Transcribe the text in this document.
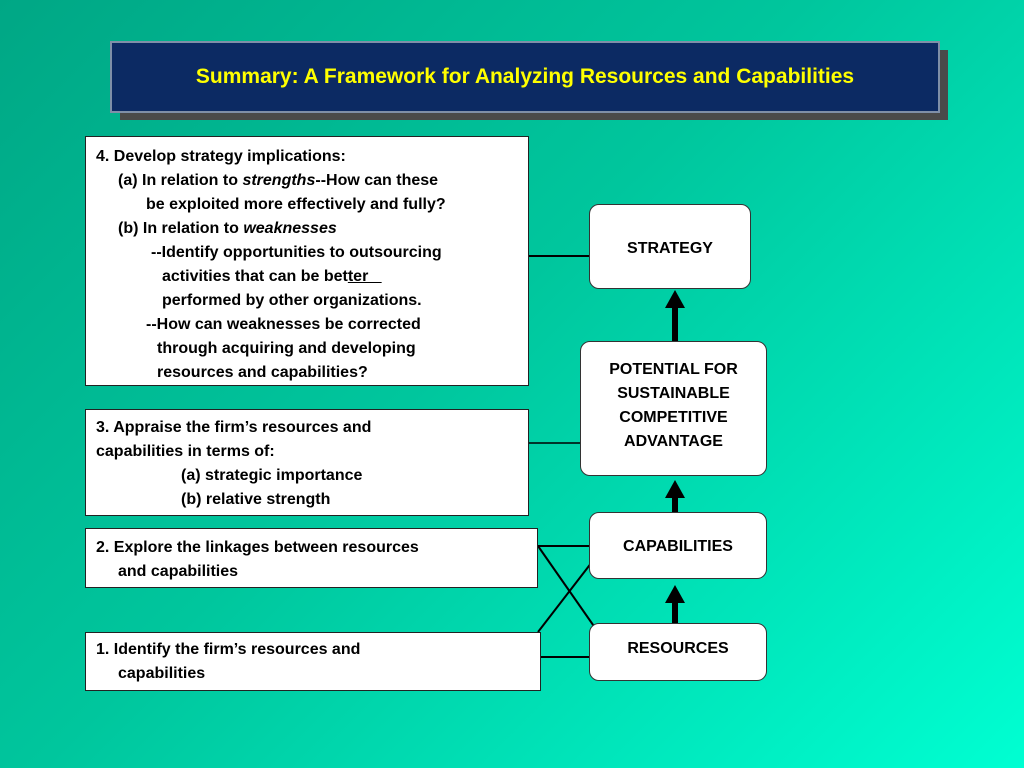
Summary: A Framework for Analyzing Resources and Capabilities
4. Develop strategy implications:
(a) In relation to strengths--How can these
be exploited more effectively and fully?
(b) In relation to weaknesses
--Identify opportunities to outsourcing
activities that can be better
performed by other organizations.
--How can weaknesses be corrected
through acquiring and developing
resources and capabilities?
3. Appraise the firm’s resources and
capabilities in terms of:
(a) strategic importance
(b) relative strength
2. Explore the linkages between resources
and capabilities
1. Identify the firm’s resources and
capabilities
STRATEGY
POTENTIAL FOR
SUSTAINABLE
COMPETITIVE
ADVANTAGE
CAPABILITIES
RESOURCES
